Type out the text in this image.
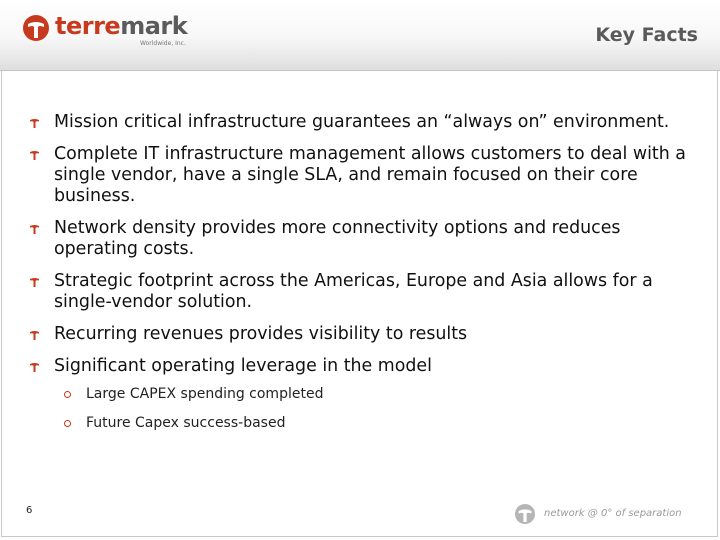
terremark
Worldwide, Inc.	Key Facts
Mission critical infrastructure guarantees an “always on” environment.
Complete IT infrastructure management allows customers to deal with a single vendor, have a single SLA, and remain focused on their core business.
Network density provides more connectivity options and reduces operating costs.
Strategic footprint across the Americas, Europe and Asia allows for a single-vendor solution.
Recurring revenues provides visibility to results
Significant operating leverage in the model
Large CAPEX spending completed
Future Capex success-based
6	network @ 0° of separation
